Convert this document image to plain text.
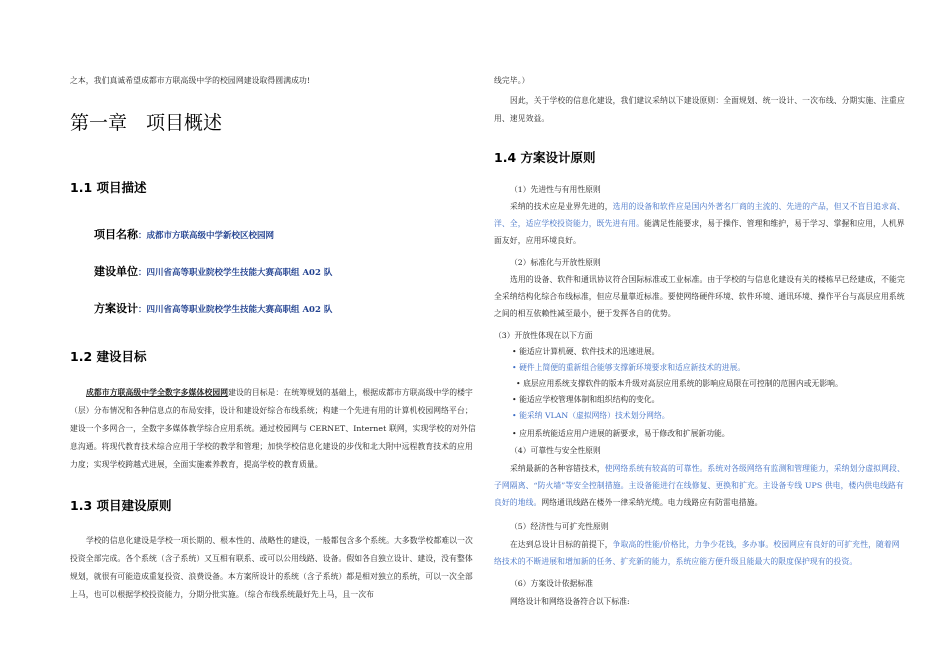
之本，我们真诚希望成都市方联高级中学的校园网建设取得圆满成功!

第一章　项目概述
1.1 项目描述
项目名称：成都市方联高级中学新校区校园网
建设单位：四川省高等职业院校学生技能大赛高职组 A02 队
方案设计：四川省高等职业院校学生技能大赛高职组 A02 队
1.2 建设目标

成都市方联高级中学全数字多媒体校园网建设的目标是：在统筹规划的基础上，根据成都市方联高级中学的楼宇（层）分布情况和各种信息点的布局安排，设计和建设好综合布线系统；构建一个先进有用的计算机校园网络平台；建设一个多网合一，全数字多媒体教学综合应用系统。通过校园网与 CERNET、Internet 联网，实现学校的对外信息沟通。将现代教育技术综合应用于学校的教学和管理；加快学校信息化建设的步伐和北大附中远程教育技术的应用力度；实现学校跨越式进展，全面实施素养教育，提高学校的教育质量。

1.3 项目建设原则

学校的信息化建设是学校一项长期的、根本性的、战略性的建设，一般都包含多个系统。大多数学校都难以一次投资全部完成。各个系统（含子系统）又互相有联系、或可以公用线路、设备。假如各自独立设计、建设，没有整体规划，就很有可能造成重复投资、浪费设备。本方案所设计的系统（含子系统）都是相对独立的系统，可以一次全部上马，也可以根据学校投资能力，分期分批实施。（综合布线系统最好先上马，且一次布

线完毕。）

因此，关于学校的信息化建设，我们建议采纳以下建设原则：全面规划、统一设计、一次布线、分期实施、注重应用、速见效益。

1.4 方案设计原则
（1）先进性与有用性原则

采纳的技术应是业界先进的，选用的设备和软件应是国内外著名厂商的主流的、先进的产品，但又不盲目追求高、洋、全，适应学校投资能力，既先进有用。能满足性能要求，易于操作、管理和维护，易于学习、掌握和应用，人机界面友好，应用环境良好。

（2）标准化与开放性原则

选用的设备、软件和通讯协议符合国际标准或工业标准。由于学校的与信息化建设有关的楼栋早已经建成，不能完全采纳结构化综合布线标准，但应尽量靠近标准。要使网络硬件环境、软件环境、通讯环境、操作平台与高层应用系统之间的相互依赖性减至最小，便于发挥各自的优势。

（3）开放性体现在以下方面
• 能适应计算机硬、软件技术的迅速进展。
• 硬件上简便的重新组合能够支撑新环境要求和适应新技术的进展。
• 底层应用系统支撑软件的版本升级对高层应用系统的影响应局限在可控制的范围内或无影响。
• 能适应学校管理体制和组织结构的变化。
• 能采纳 VLAN（虚拟网络）技术划分网络。
• 应用系统能适应用户进展的新要求，易于修改和扩展新功能。
（4）可靠性与安全性原则

采纳最新的各种容错技术，使网络系统有较高的可靠性。系统对各级网络有监测和管理能力，采纳划分虚拟网段、子网隔离、“防火墙”等安全控制措施。主设备能进行在线修复、更换和扩充。主设备专线 UPS 供电，楼内供电线路有良好的地线。网络通讯线路在楼外一律采纳光缆。电力线路应有防雷电措施。

（5）经济性与可扩充性原则

在达到总设计目标的前提下，争取高的性能/价格比，力争少花钱，多办事。校园网应有良好的可扩充性，随着网络技术的不断进展和增加新的任务、扩充新的能力，系统应能方便升级且能最大的限度保护现有的投资。

（6）方案设计依据标准
网络设计和网络设备符合以下标准:
